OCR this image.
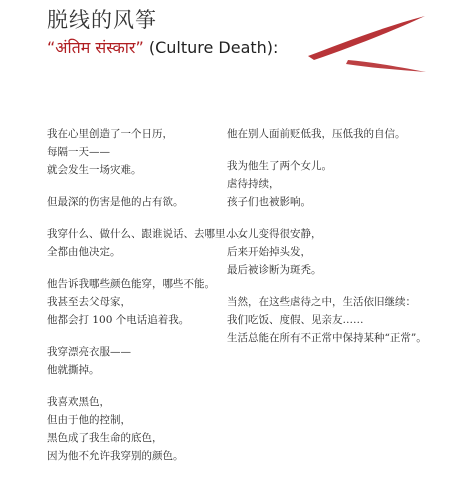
脱线的风筝
“अंतिम संस्कार” (Culture Death):
我在心里创造了一个日历，
每隔一天——
就会发生一场灾难。
但最深的伤害是他的占有欲。
我穿什么、做什么、跟谁说话、去哪里……
全都由他决定。
他告诉我哪些颜色能穿，哪些不能。
我甚至去父母家，
他都会打 100 个电话追着我。
我穿漂亮衣服——
他就撕掉。
我喜欢黑色，
但由于他的控制，
黑色成了我生命的底色，
因为他不允许我穿别的颜色。
他在别人面前贬低我，压低我的自信。
我为他生了两个女儿。
虐待持续，
孩子们也被影响。
小女儿变得很安静，
后来开始掉头发，
最后被诊断为斑秃。
当然，在这些虐待之中，生活依旧继续：
我们吃饭、度假、见亲友……
生活总能在所有不正常中保持某种“正常”。
